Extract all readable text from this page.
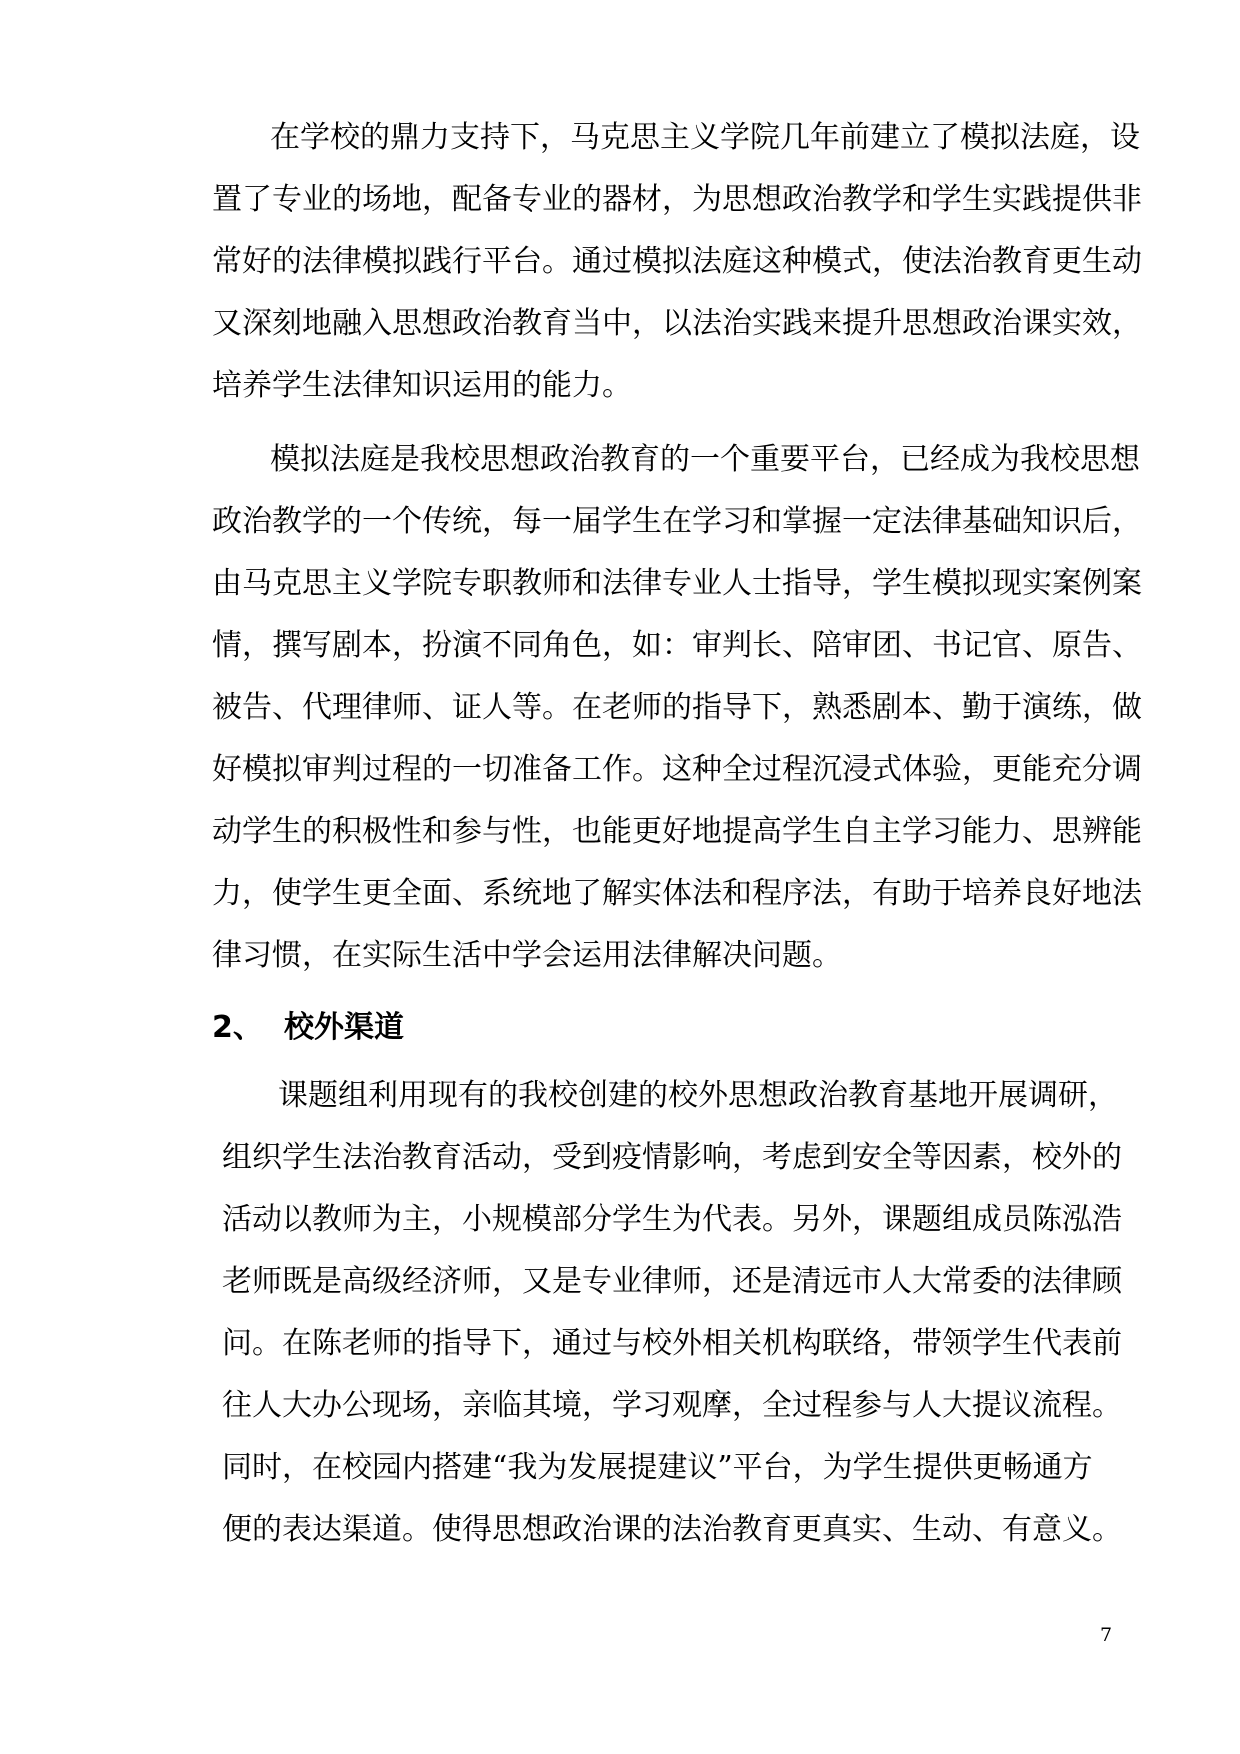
在学校的鼎力支持下，马克思主义学院几年前建立了模拟法庭，设
置了专业的场地，配备专业的器材，为思想政治教学和学生实践提供非
常好的法律模拟践行平台。通过模拟法庭这种模式，使法治教育更生动
又深刻地融入思想政治教育当中，以法治实践来提升思想政治课实效，
培养学生法律知识运用的能力。
模拟法庭是我校思想政治教育的一个重要平台，已经成为我校思想
政治教学的一个传统，每一届学生在学习和掌握一定法律基础知识后，
由马克思主义学院专职教师和法律专业人士指导，学生模拟现实案例案
情，撰写剧本，扮演不同角色，如：审判长、陪审团、书记官、原告、
被告、代理律师、证人等。在老师的指导下，熟悉剧本、勤于演练，做
好模拟审判过程的一切准备工作。这种全过程沉浸式体验，更能充分调
动学生的积极性和参与性，也能更好地提高学生自主学习能力、思辨能
力，使学生更全面、系统地了解实体法和程序法，有助于培养良好地法
律习惯，在实际生活中学会运用法律解决问题。
2、 校外渠道
课题组利用现有的我校创建的校外思想政治教育基地开展调研，
组织学生法治教育活动，受到疫情影响，考虑到安全等因素，校外的
活动以教师为主，小规模部分学生为代表。另外，课题组成员陈泓浩
老师既是高级经济师，又是专业律师，还是清远市人大常委的法律顾
问。在陈老师的指导下，通过与校外相关机构联络，带领学生代表前
往人大办公现场，亲临其境，学习观摩，全过程参与人大提议流程。
同时，在校园内搭建“我为发展提建议”平台，为学生提供更畅通方
便的表达渠道。使得思想政治课的法治教育更真实、生动、有意义。
7
